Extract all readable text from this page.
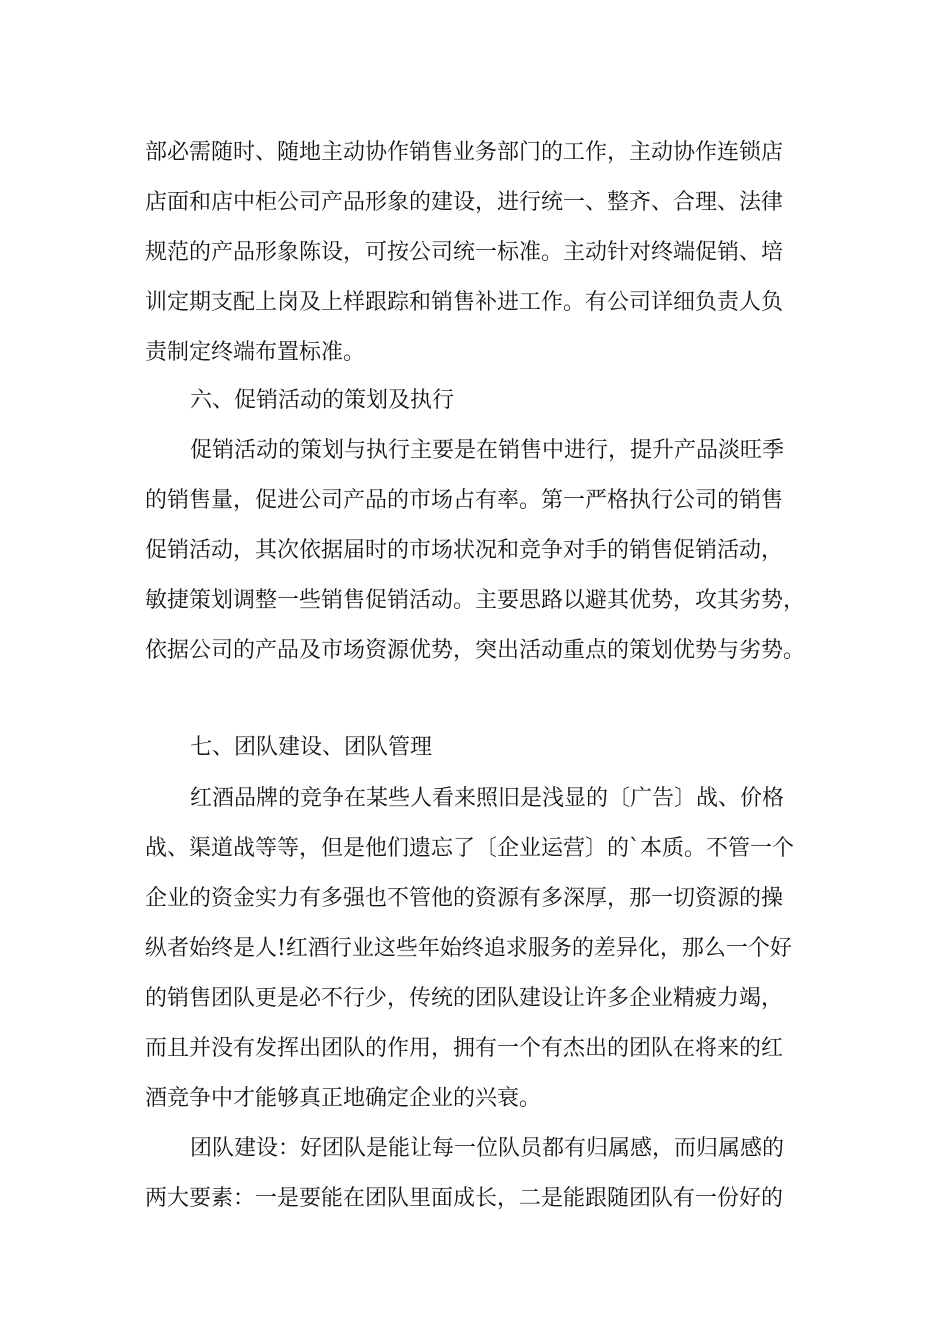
部必需随时、随地主动协作销售业务部门的工作，主动协作连锁店

店面和店中柜公司产品形象的建设，进行统一、整齐、合理、法律

规范的产品形象陈设，可按公司统一标准。主动针对终端促销、培

训定期支配上岗及上样跟踪和销售补进工作。有公司详细负责人负

责制定终端布置标准。

六、促销活动的策划及执行

促销活动的策划与执行主要是在销售中进行，提升产品淡旺季

的销售量，促进公司产品的市场占有率。第一严格执行公司的销售

促销活动，其次依据届时的市场状况和竞争对手的销售促销活动，

敏捷策划调整一些销售促销活动。主要思路以避其优势，攻其劣势，

依据公司的产品及市场资源优势，突出活动重点的策划优势与劣势。

七、团队建设、团队管理

红酒品牌的竞争在某些人看来照旧是浅显的〔广告〕战、价格

战、渠道战等等，但是他们遗忘了〔企业运营〕的`本质。不管一个

企业的资金实力有多强也不管他的资源有多深厚，那一切资源的操

纵者始终是人!红酒行业这些年始终追求服务的差异化，那么一个好

的销售团队更是必不行少，传统的团队建设让许多企业精疲力竭，

而且并没有发挥出团队的作用，拥有一个有杰出的团队在将来的红

酒竞争中才能够真正地确定企业的兴衰。

团队建设：好团队是能让每一位队员都有归属感，而归属感的

两大要素：一是要能在团队里面成长，二是能跟随团队有一份好的
